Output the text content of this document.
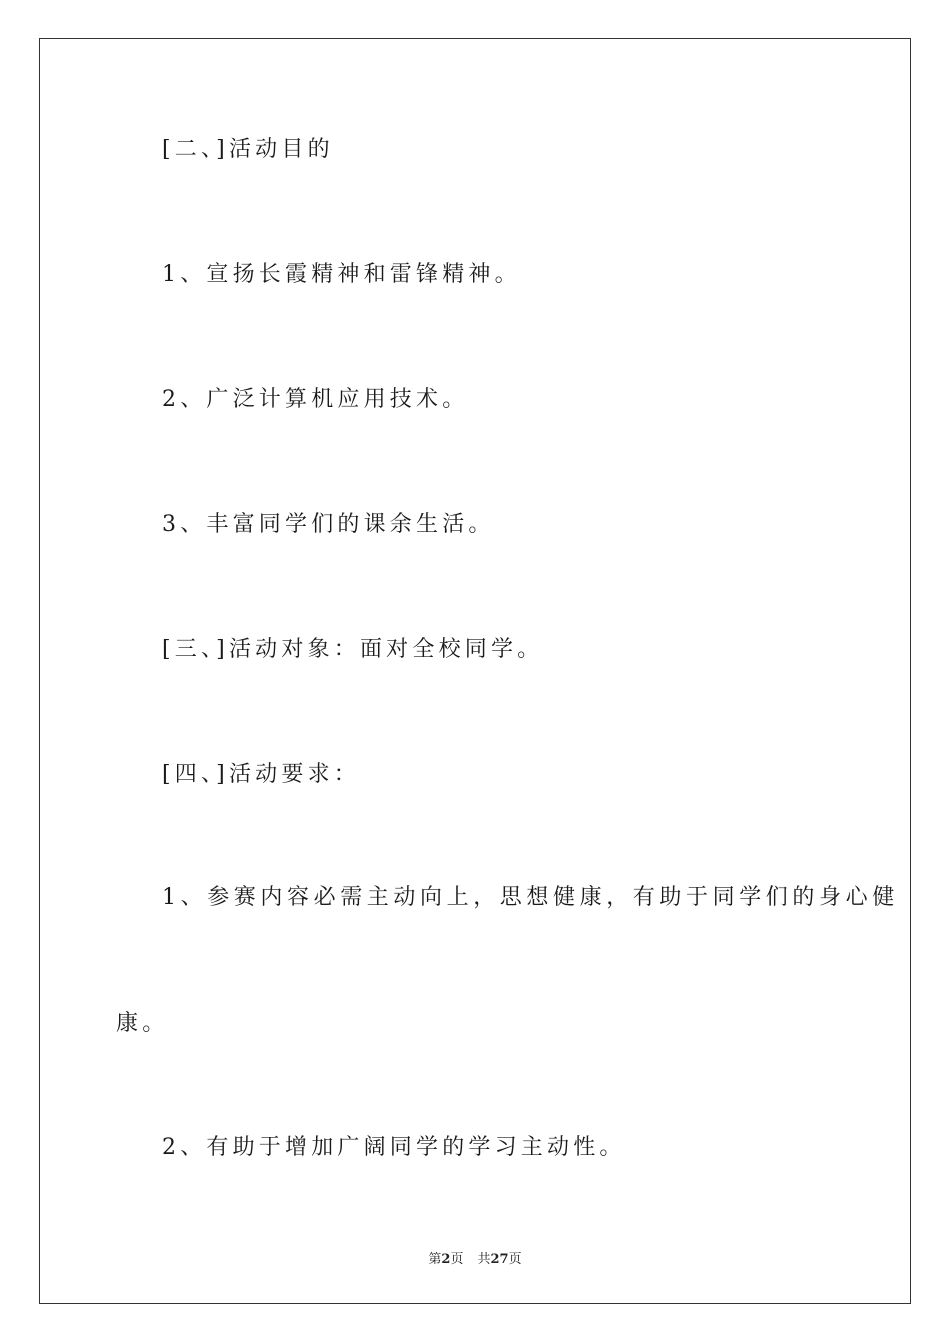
[二、]活动目的
1、宣扬长霞精神和雷锋精神。
2、广泛计算机应用技术。
3、丰富同学们的课余生活。
[三、]活动对象：面对全校同学。
[四、]活动要求：
1、参赛内容必需主动向上，思想健康，有助于同学们的身心健
康。
2、有助于增加广阔同学的学习主动性。
第2页 共27页
